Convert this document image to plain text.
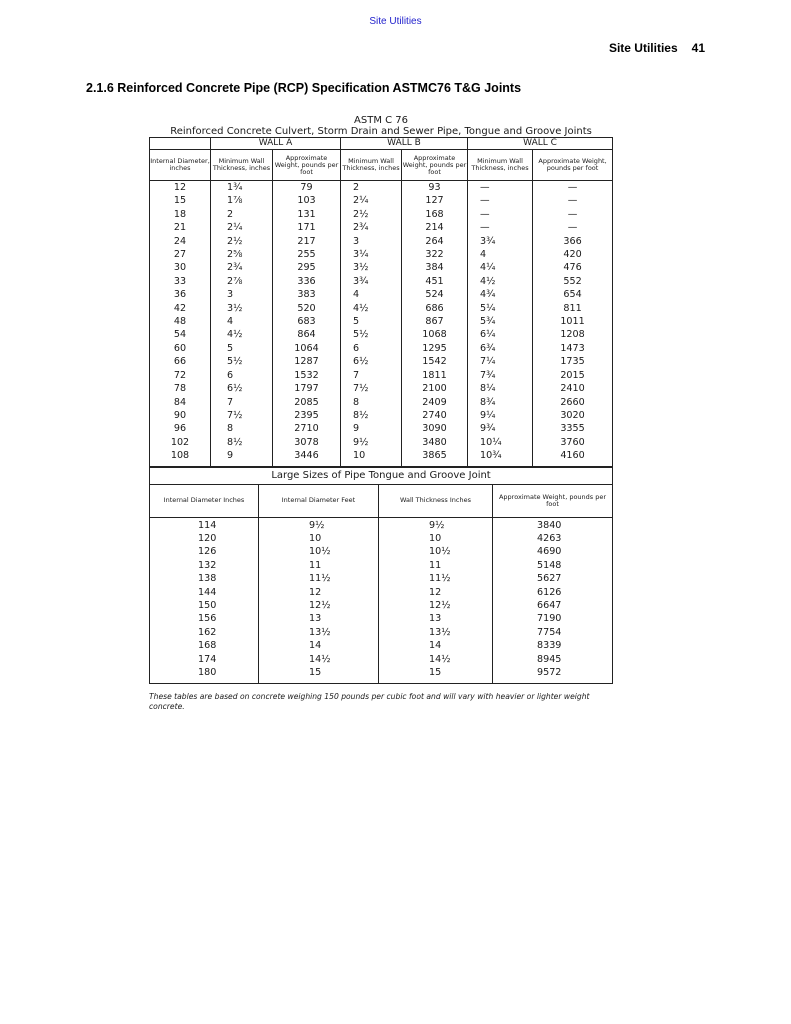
Site Utilities
Site Utilities 41
2.1.6 Reinforced Concrete Pipe (RCP) Specification ASTMC76 T&G Joints
ASTM C 76						
Reinforced Concrete Culvert, Storm Drain and Sewer Pipe, Tongue and Groove Joints						
	WALL A		WALL B		WALL C	
Internal Diameter, inches	Minimum Wall Thickness, inches	Approximate Weight, pounds per foot	Minimum Wall Thickness, inches	Approximate Weight, pounds per foot	Minimum Wall Thickness, inches	Approximate Weight, pounds per foot
12	1¾	79	2	93	—	—
15	1⅞	103	2¼	127	—	—
18	2	131	2½	168	—	—
21	2¼	171	2¾	214	—	—
24	2½	217	3	264	3¾	366
27	2⅝	255	3¼	322	4	420
30	2¾	295	3½	384	4¼	476
33	2⅞	336	3¾	451	4½	552
36	3	383	4	524	4¾	654
42	3½	520	4½	686	5¼	811
48	4	683	5	867	5¾	1011
54	4½	864	5½	1068	6¼	1208
60	5	1064	6	1295	6¾	1473
66	5½	1287	6½	1542	7¼	1735
72	6	1532	7	1811	7¾	2015
78	6½	1797	7½	2100	8¼	2410
84	7	2085	8	2409	8¾	2660
90	7½	2395	8½	2740	9¼	3020
96	8	2710	9	3090	9¾	3355
102	8½	3078	9½	3480	10¼	3760
108	9	3446	10	3865	10¾	4160
Large Sizes of Pipe Tongue and Groove Joint			
Internal Diameter Inches	Internal Diameter Feet	Wall Thickness Inches	Approximate Weight, pounds per foot
114	9½	9½	3840
120	10	10	4263
126	10½	10½	4690
132	11	11	5148
138	11½	11½	5627
144	12	12	6126
150	12½	12½	6647
156	13	13	7190
162	13½	13½	7754
168	14	14	8339
174	14½	14½	8945
180	15	15	9572
These tables are based on concrete weighing 150 pounds per cubic foot and will vary with heavier or lighter weight concrete.
